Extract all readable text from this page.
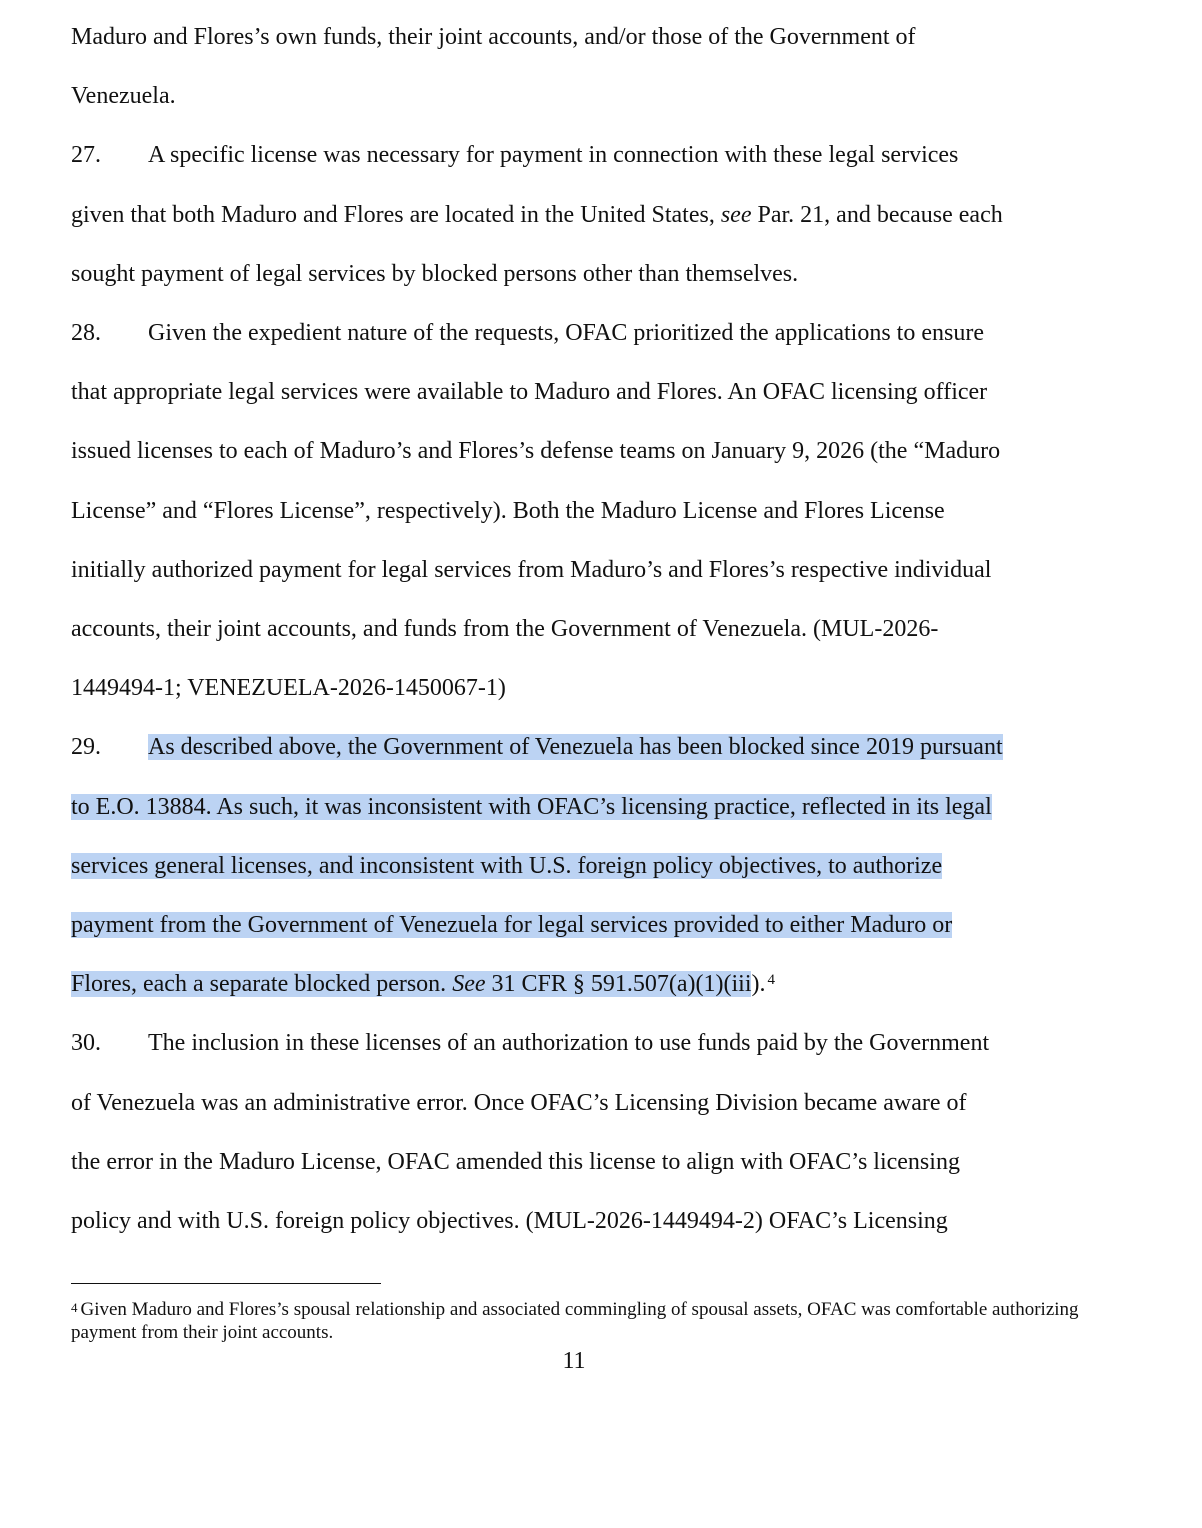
Maduro and Flores’s own funds, their joint accounts, and/or those of the Government of
Venezuela.
27. A specific license was necessary for payment in connection with these legal services
given that both Maduro and Flores are located in the United States, see Par. 21, and because each
sought payment of legal services by blocked persons other than themselves.
28. Given the expedient nature of the requests, OFAC prioritized the applications to ensure
that appropriate legal services were available to Maduro and Flores. An OFAC licensing officer
issued licenses to each of Maduro’s and Flores’s defense teams on January 9, 2026 (the “Maduro
License” and “Flores License”, respectively). Both the Maduro License and Flores License
initially authorized payment for legal services from Maduro’s and Flores’s respective individual
accounts, their joint accounts, and funds from the Government of Venezuela. (MUL-2026-
1449494-1; VENEZUELA-2026-1450067-1)
29. As described above, the Government of Venezuela has been blocked since 2019 pursuant
to E.O. 13884. As such, it was inconsistent with OFAC’s licensing practice, reflected in its legal
services general licenses, and inconsistent with U.S. foreign policy objectives, to authorize
payment from the Government of Venezuela for legal services provided to either Maduro or
Flores, each a separate blocked person. See 31 CFR § 591.507(a)(1)(iii). $^4$
30. The inclusion in these licenses of an authorization to use funds paid by the Government
of Venezuela was an administrative error. Once OFAC’s Licensing Division became aware of
the error in the Maduro License, OFAC amended this license to align with OFAC’s licensing
policy and with U.S. foreign policy objectives. (MUL-2026-1449494-2) OFAC’s Licensing
$^4$ Given Maduro and Flores’s spousal relationship and associated commingling of spousal assets, OFAC was comfortable authorizing payment from their joint accounts.
11
